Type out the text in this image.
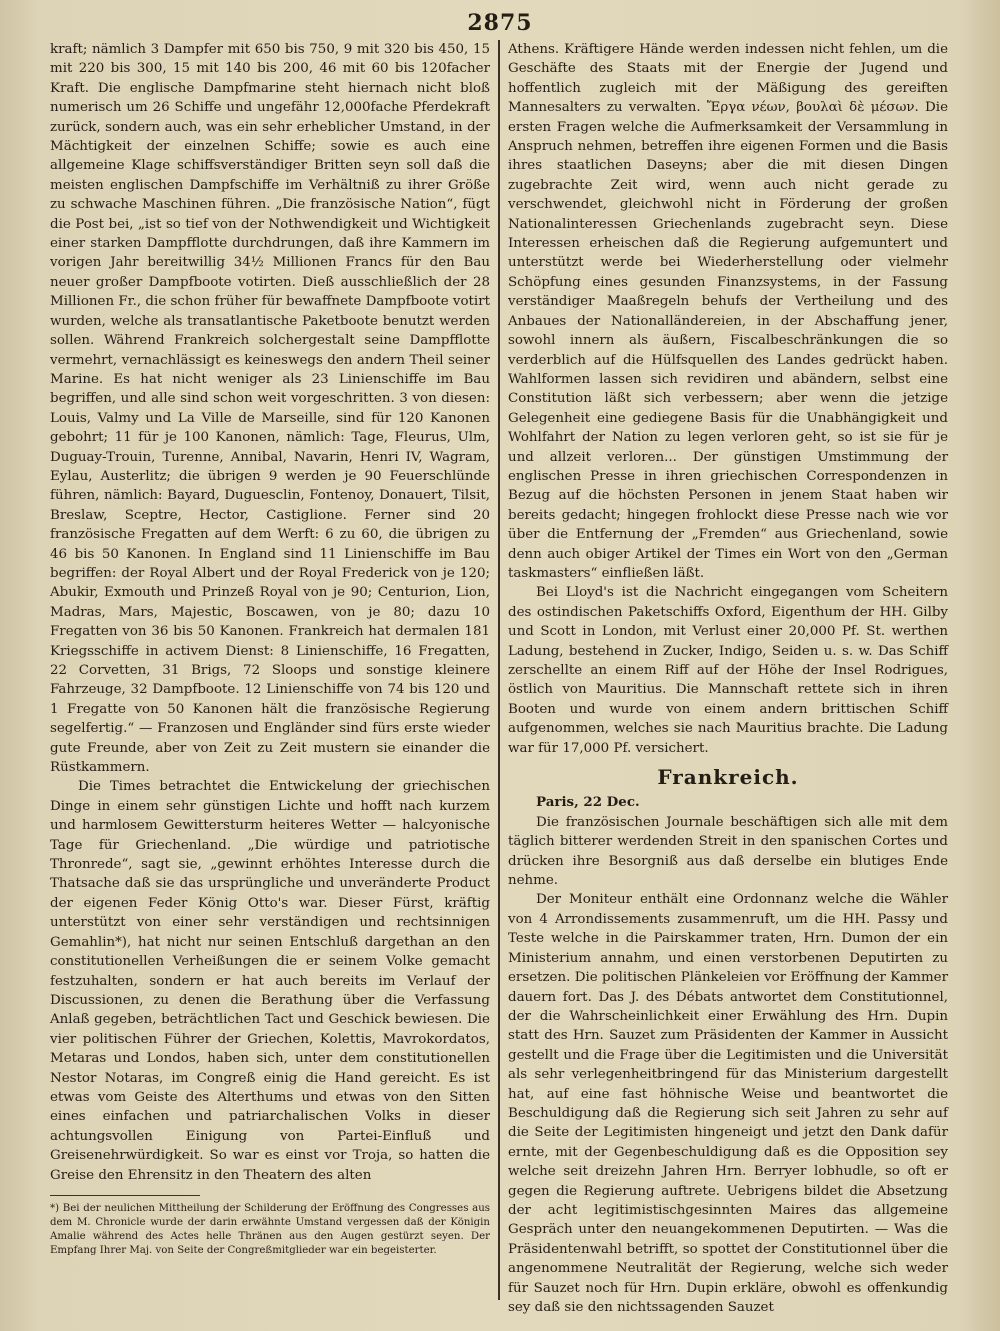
2875

kraft; nämlich 3 Dampfer mit 650 bis 750, 9 mit 320 bis 450, 15 mit 220 bis 300, 15 mit 140 bis 200, 46 mit 60 bis 120facher Kraft. Die englische Dampfmarine steht hiernach nicht bloß numerisch um 26 Schiffe und ungefähr 12,000fache Pferdekraft zurück, sondern auch, was ein sehr erheblicher Umstand, in der Mächtigkeit der einzelnen Schiffe; sowie es auch eine allgemeine Klage schiffsverständiger Britten seyn soll daß die meisten englischen Dampfschiffe im Verhältniß zu ihrer Größe zu schwache Maschinen führen. „Die französische Nation“, fügt die Post bei, „ist so tief von der Nothwendigkeit und Wichtigkeit einer starken Dampfflotte durchdrungen, daß ihre Kammern im vorigen Jahr bereitwillig 34½ Millionen Francs für den Bau neuer großer Dampfboote votirten. Dieß ausschließlich der 28 Millionen Fr., die schon früher für bewaffnete Dampfboote votirt wurden, welche als transatlantische Paketboote benutzt werden sollen. Während Frankreich solchergestalt seine Dampfflotte vermehrt, vernachlässigt es keineswegs den andern Theil seiner Marine. Es hat nicht weniger als 23 Linienschiffe im Bau begriffen, und alle sind schon weit vorgeschritten. 3 von diesen: Louis, Valmy und La Ville de Marseille, sind für 120 Kanonen gebohrt; 11 für je 100 Kanonen, nämlich: Tage, Fleurus, Ulm, Duguay-Trouin, Turenne, Annibal, Navarin, Henri IV, Wagram, Eylau, Austerlitz; die übrigen 9 werden je 90 Feuerschlünde führen, nämlich: Bayard, Duguesclin, Fontenoy, Donauert, Tilsit, Breslaw, Sceptre, Hector, Castiglione. Ferner sind 20 französische Fregatten auf dem Werft: 6 zu 60, die übrigen zu 46 bis 50 Kanonen. In England sind 11 Linienschiffe im Bau begriffen: der Royal Albert und der Royal Frederick von je 120; Abukir, Exmouth und Prinzeß Royal von je 90; Centurion, Lion, Madras, Mars, Majestic, Boscawen, von je 80; dazu 10 Fregatten von 36 bis 50 Kanonen. Frankreich hat dermalen 181 Kriegsschiffe in activem Dienst: 8 Linienschiffe, 16 Fregatten, 22 Corvetten, 31 Brigs, 72 Sloops und sonstige kleinere Fahrzeuge, 32 Dampfboote. 12 Linienschiffe von 74 bis 120 und 1 Fregatte von 50 Kanonen hält die französische Regierung segelfertig.“ — Franzosen und Engländer sind fürs erste wieder gute Freunde, aber von Zeit zu Zeit mustern sie einander die Rüstkammern.

Die Times betrachtet die Entwickelung der griechischen Dinge in einem sehr günstigen Lichte und hofft nach kurzem und harmlosem Gewittersturm heiteres Wetter — halcyonische Tage für Griechenland. „Die würdige und patriotische Thronrede“, sagt sie, „gewinnt erhöhtes Interesse durch die Thatsache daß sie das ursprüngliche und unveränderte Product der eigenen Feder König Otto's war. Dieser Fürst, kräftig unterstützt von einer sehr verständigen und rechtsinnigen Gemahlin*), hat nicht nur seinen Entschluß dargethan an den constitutionellen Verheißungen die er seinem Volke gemacht festzuhalten, sondern er hat auch bereits im Verlauf der Discussionen, zu denen die Berathung über die Verfassung Anlaß gegeben, beträchtlichen Tact und Geschick bewiesen. Die vier politischen Führer der Griechen, Kolettis, Mavrokordatos, Metaras und Londos, haben sich, unter dem constitutionellen Nestor Notaras, im Congreß einig die Hand gereicht. Es ist etwas vom Geiste des Alterthums und etwas von den Sitten eines einfachen und patriarchalischen Volks in dieser achtungsvollen Einigung von Partei-Einfluß und Greisenehrwürdigkeit. So war es einst vor Troja, so hatten die Greise den Ehrensitz in den Theatern des alten

*) Bei der neulichen Mittheilung der Schilderung der Eröffnung des Congresses aus dem M. Chronicle wurde der darin erwähnte Umstand vergessen daß der Königin Amalie während des Actes helle Thränen aus den Augen gestürzt seyen. Der Empfang Ihrer Maj. von Seite der Congreßmitglieder war ein begeisterter.

Athens. Kräftigere Hände werden indessen nicht fehlen, um die Geschäfte des Staats mit der Energie der Jugend und hoffentlich zugleich mit der Mäßigung des gereiften Mannesalters zu verwalten. Ἔργα νέων, βουλαὶ δὲ μέσων. Die ersten Fragen welche die Aufmerksamkeit der Versammlung in Anspruch nehmen, betreffen ihre eigenen Formen und die Basis ihres staatlichen Daseyns; aber die mit diesen Dingen zugebrachte Zeit wird, wenn auch nicht gerade zu verschwendet, gleichwohl nicht in Förderung der großen Nationalinteressen Griechenlands zugebracht seyn. Diese Interessen erheischen daß die Regierung aufgemuntert und unterstützt werde bei Wiederherstellung oder vielmehr Schöpfung eines gesunden Finanzsystems, in der Fassung verständiger Maaßregeln behufs der Vertheilung und des Anbaues der Nationalländereien, in der Abschaffung jener, sowohl innern als äußern, Fiscalbeschränkungen die so verderblich auf die Hülfsquellen des Landes gedrückt haben. Wahlformen lassen sich revidiren und abändern, selbst eine Constitution läßt sich verbessern; aber wenn die jetzige Gelegenheit eine gediegene Basis für die Unabhängigkeit und Wohlfahrt der Nation zu legen verloren geht, so ist sie für je und allzeit verloren... Der günstigen Umstimmung der englischen Presse in ihren griechischen Correspondenzen in Bezug auf die höchsten Personen in jenem Staat haben wir bereits gedacht; hingegen frohlockt diese Presse nach wie vor über die Entfernung der „Fremden“ aus Griechenland, sowie denn auch obiger Artikel der Times ein Wort von den „German taskmasters“ einfließen läßt.

Bei Lloyd's ist die Nachricht eingegangen vom Scheitern des ostindischen Paketschiffs Oxford, Eigenthum der HH. Gilby und Scott in London, mit Verlust einer 20,000 Pf. St. werthen Ladung, bestehend in Zucker, Indigo, Seiden u. s. w. Das Schiff zerschellte an einem Riff auf der Höhe der Insel Rodrigues, östlich von Mauritius. Die Mannschaft rettete sich in ihren Booten und wurde von einem andern brittischen Schiff aufgenommen, welches sie nach Mauritius brachte. Die Ladung war für 17,000 Pf. versichert.

Frankreich.

Paris, 22 Dec.

Die französischen Journale beschäftigen sich alle mit dem täglich bitterer werdenden Streit in den spanischen Cortes und drücken ihre Besorgniß aus daß derselbe ein blutiges Ende nehme.

Der Moniteur enthält eine Ordonnanz welche die Wähler von 4 Arrondissements zusammenruft, um die HH. Passy und Teste welche in die Pairskammer traten, Hrn. Dumon der ein Ministerium annahm, und einen verstorbenen Deputirten zu ersetzen. Die politischen Plänkeleien vor Eröffnung der Kammer dauern fort. Das J. des Débats antwortet dem Constitutionnel, der die Wahrscheinlichkeit einer Erwählung des Hrn. Dupin statt des Hrn. Sauzet zum Präsidenten der Kammer in Aussicht gestellt und die Frage über die Legitimisten und die Universität als sehr verlegenheitbringend für das Ministerium dargestellt hat, auf eine fast höhnische Weise und beantwortet die Beschuldigung daß die Regierung sich seit Jahren zu sehr auf die Seite der Legitimisten hingeneigt und jetzt den Dank dafür ernte, mit der Gegenbeschuldigung daß es die Opposition sey welche seit dreizehn Jahren Hrn. Berryer lobhudle, so oft er gegen die Regierung auftrete. Uebrigens bildet die Absetzung der acht legitimistischgesinnten Maires das allgemeine Gespräch unter den neuangekommenen Deputirten. — Was die Präsidentenwahl betrifft, so spottet der Constitutionnel über die angenommene Neutralität der Regierung, welche sich weder für Sauzet noch für Hrn. Dupin erkläre, obwohl es offenkundig sey daß sie den nichtssagenden Sauzet
